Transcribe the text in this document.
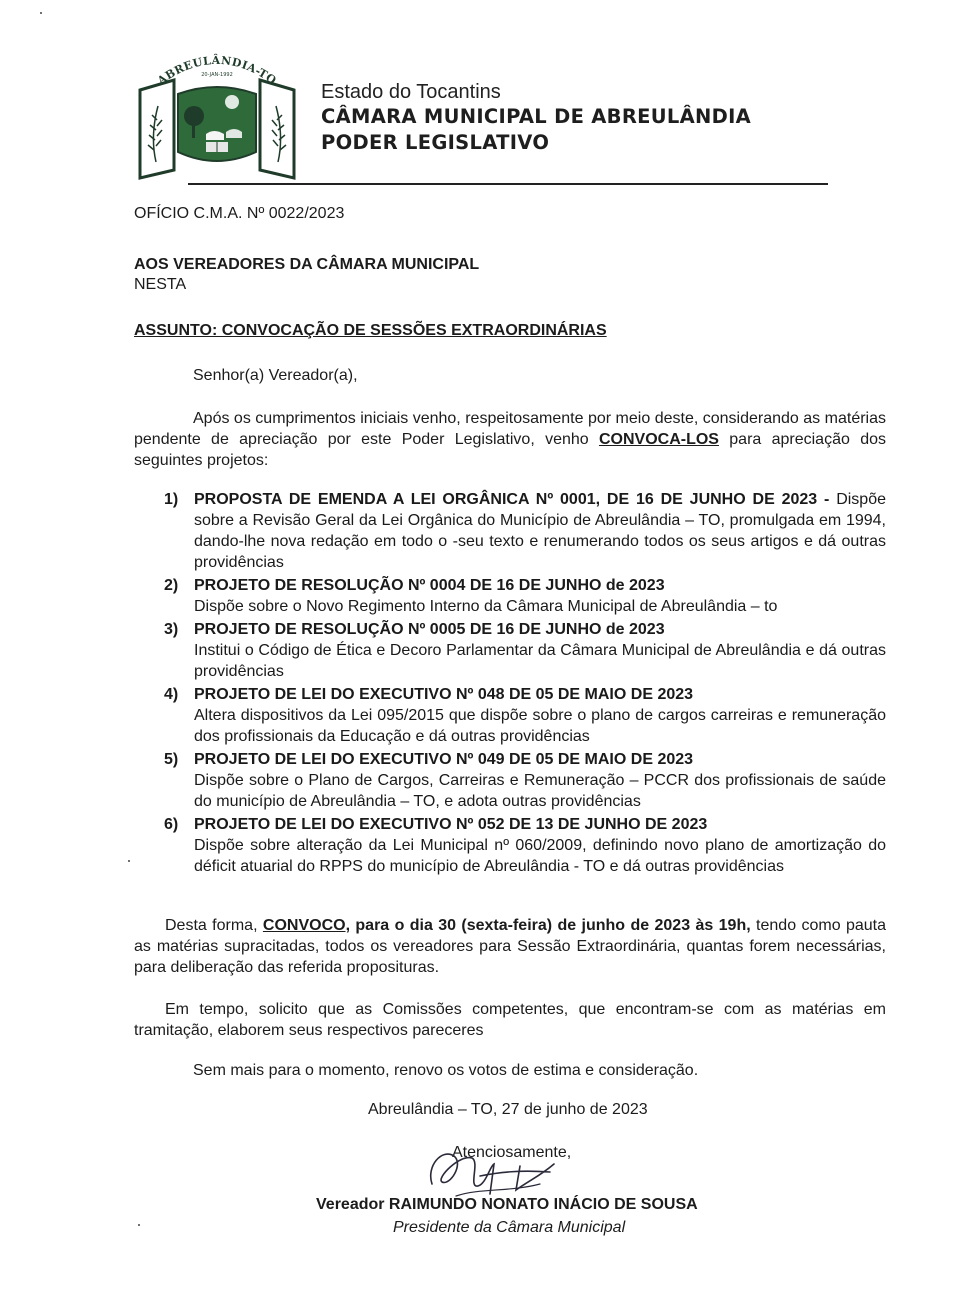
ABREULÂNDIA-TO
20-JAN-1992
Estado do Tocantins
CÂMARA MUNICIPAL DE ABREULÂNDIA
PODER LEGISLATIVO
OFÍCIO C.M.A. Nº 0022/2023
AOS VEREADORES DA CÂMARA MUNICIPAL
NESTA
ASSUNTO: CONVOCAÇÃO DE SESSÕES EXTRAORDINÁRIAS
Senhor(a) Vereador(a),
Após os cumprimentos iniciais venho, respeitosamente por meio deste, considerando as matérias pendente de apreciação por este Poder Legislativo, venho CONVOCA-LOS para apreciação dos seguintes projetos:
1) PROPOSTA DE EMENDA A LEI ORGÂNICA Nº 0001, DE 16 DE JUNHO DE 2023 - Dispõe sobre a Revisão Geral da Lei Orgânica do Município de Abreulândia – TO, promulgada em 1994, dando-lhe nova redação em todo o -seu texto e renumerando todos os seus artigos e dá outras providências
2) PROJETO DE RESOLUÇÃO Nº 0004 DE 16 DE JUNHO de 2023
Dispõe sobre o Novo Regimento Interno da Câmara Municipal de Abreulândia – to
3) PROJETO DE RESOLUÇÃO Nº 0005 DE 16 DE JUNHO de 2023
Institui o Código de Ética e Decoro Parlamentar da Câmara Municipal de Abreulândia e dá outras providências
4) PROJETO DE LEI DO EXECUTIVO Nº 048 DE 05 DE MAIO DE 2023
Altera dispositivos da Lei 095/2015 que dispõe sobre o plano de cargos carreiras e remuneração dos profissionais da Educação e dá outras providências
5) PROJETO DE LEI DO EXECUTIVO Nº 049 DE 05 DE MAIO DE 2023
Dispõe sobre o Plano de Cargos, Carreiras e Remuneração – PCCR dos profissionais de saúde do município de Abreulândia – TO, e adota outras providências
6) PROJETO DE LEI DO EXECUTIVO Nº 052 DE 13 DE JUNHO DE 2023
Dispõe sobre alteração da Lei Municipal nº 060/2009, definindo novo plano de amortização do déficit atuarial do RPPS do município de Abreulândia - TO e dá outras providências
Desta forma, CONVOCO, para o dia 30 (sexta-feira) de junho de 2023 às 19h, tendo como pauta as matérias supracitadas, todos os vereadores para Sessão Extraordinária, quantas forem necessárias, para deliberação das referida proposituras.
Em tempo, solicito que as Comissões competentes, que encontram-se com as matérias em tramitação, elaborem seus respectivos pareceres
Sem mais para o momento, renovo os votos de estima e consideração.
Abreulândia – TO, 27 de junho de 2023
Atenciosamente,
Vereador RAIMUNDO NONATO INÁCIO DE SOUSA
Presidente da Câmara Municipal
